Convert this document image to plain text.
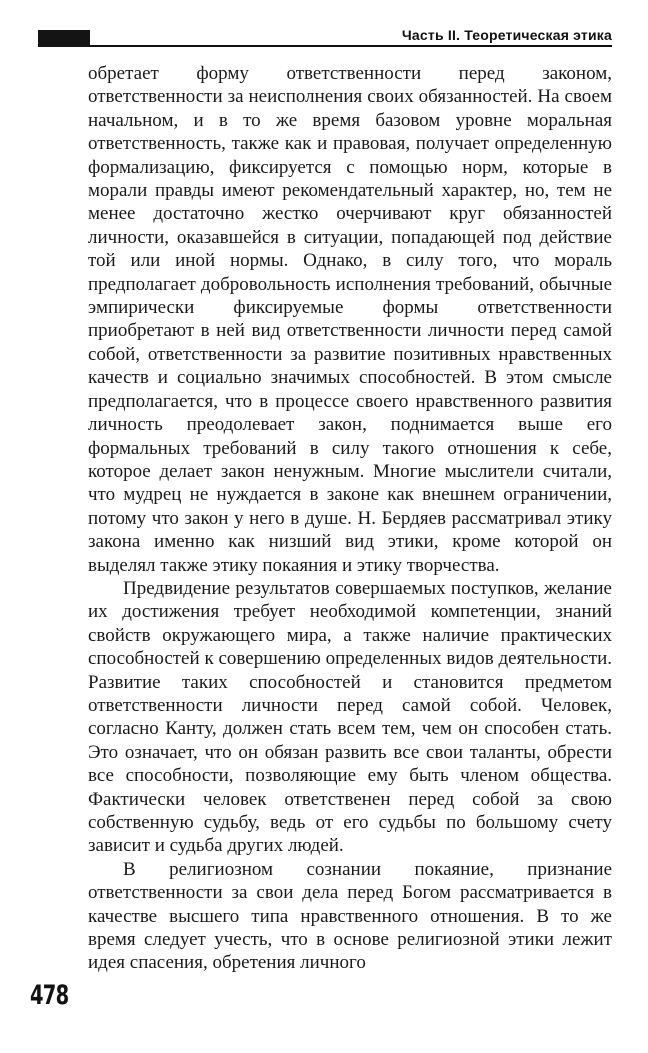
Часть II. Теоретическая этика

обретает форму ответственности перед законом, ответственности за неисполнения своих обязанностей. На своем начальном, и в то же время базовом уровне моральная ответственность, также как и правовая, получает определенную формализацию, фиксируется с помощью норм, которые в морали правды имеют рекомендательный характер, но, тем не менее достаточно жестко очерчивают круг обязанностей личности, оказавшейся в ситуации, попадающей под действие той или иной нормы. Однако, в силу того, что мораль предполагает добровольность исполнения требований, обычные эмпирически фиксируемые формы ответственности приобретают в ней вид ответственности личности перед самой собой, ответственности за развитие позитивных нравственных качеств и социально значимых способностей. В этом смысле предполагается, что в процессе своего нравственного развития личность преодолевает закон, поднимается выше его формальных требований в силу такого отношения к себе, которое делает закон ненужным. Многие мыслители считали, что мудрец не нуждается в законе как внешнем ограничении, потому что закон у него в душе. Н. Бердяев рассматривал этику закона именно как низший вид этики, кроме которой он выделял также этику покаяния и этику творчества.

Предвидение результатов совершаемых поступков, желание их достижения требует необходимой компетенции, знаний свойств окружающего мира, а также наличие практических способностей к совершению определенных видов деятельности. Развитие таких способностей и становится предметом ответственности личности перед самой собой. Человек, согласно Канту, должен стать всем тем, чем он способен стать. Это означает, что он обязан развить все свои таланты, обрести все способности, позволяющие ему быть членом общества. Фактически человек ответственен перед собой за свою собственную судьбу, ведь от его судьбы по большому счету зависит и судьба других людей.

В религиозном сознании покаяние, признание ответственности за свои дела перед Богом рассматривается в качестве высшего типа нравственного отношения. В то же время следует учесть, что в основе религиозной этики лежит идея спасения, обретения личного

478
